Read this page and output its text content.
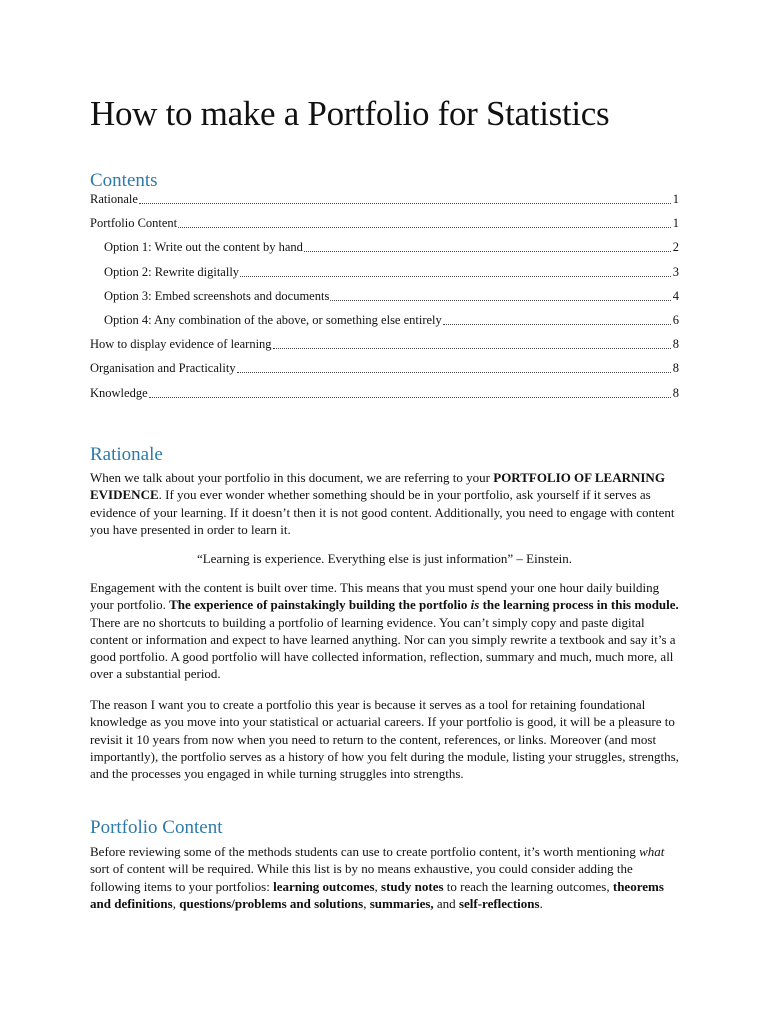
How to make a Portfolio for Statistics
Contents
Rationale	1
Portfolio Content	1
Option 1: Write out the content by hand	2
Option 2: Rewrite digitally	3
Option 3: Embed screenshots and documents	4
Option 4: Any combination of the above, or something else entirely	6
How to display evidence of learning	8
Organisation and Practicality	8
Knowledge	8
Rationale

When we talk about your portfolio in this document, we are referring to your PORTFOLIO OF LEARNING EVIDENCE. If you ever wonder whether something should be in your portfolio, ask yourself if it serves as evidence of your learning. If it doesn’t then it is not good content. Additionally, you need to engage with content you have presented in order to learn it.

“Learning is experience. Everything else is just information” – Einstein.

Engagement with the content is built over time. This means that you must spend your one hour daily building your portfolio. The experience of painstakingly building the portfolio is the learning process in this module. There are no shortcuts to building a portfolio of learning evidence. You can’t simply copy and paste digital content or information and expect to have learned anything. Nor can you simply rewrite a textbook and say it’s a good portfolio. A good portfolio will have collected information, reflection, summary and much, much more, all over a substantial period.

The reason I want you to create a portfolio this year is because it serves as a tool for retaining foundational knowledge as you move into your statistical or actuarial careers. If your portfolio is good, it will be a pleasure to revisit it 10 years from now when you need to return to the content, references, or links. Moreover (and most importantly), the portfolio serves as a history of how you felt during the module, listing your struggles, strengths, and the processes you engaged in while turning struggles into strengths.

Portfolio Content

Before reviewing some of the methods students can use to create portfolio content, it’s worth mentioning what sort of content will be required. While this list is by no means exhaustive, you could consider adding the following items to your portfolios: learning outcomes, study notes to reach the learning outcomes, theorems and definitions, questions/problems and solutions, summaries, and self-reflections.
